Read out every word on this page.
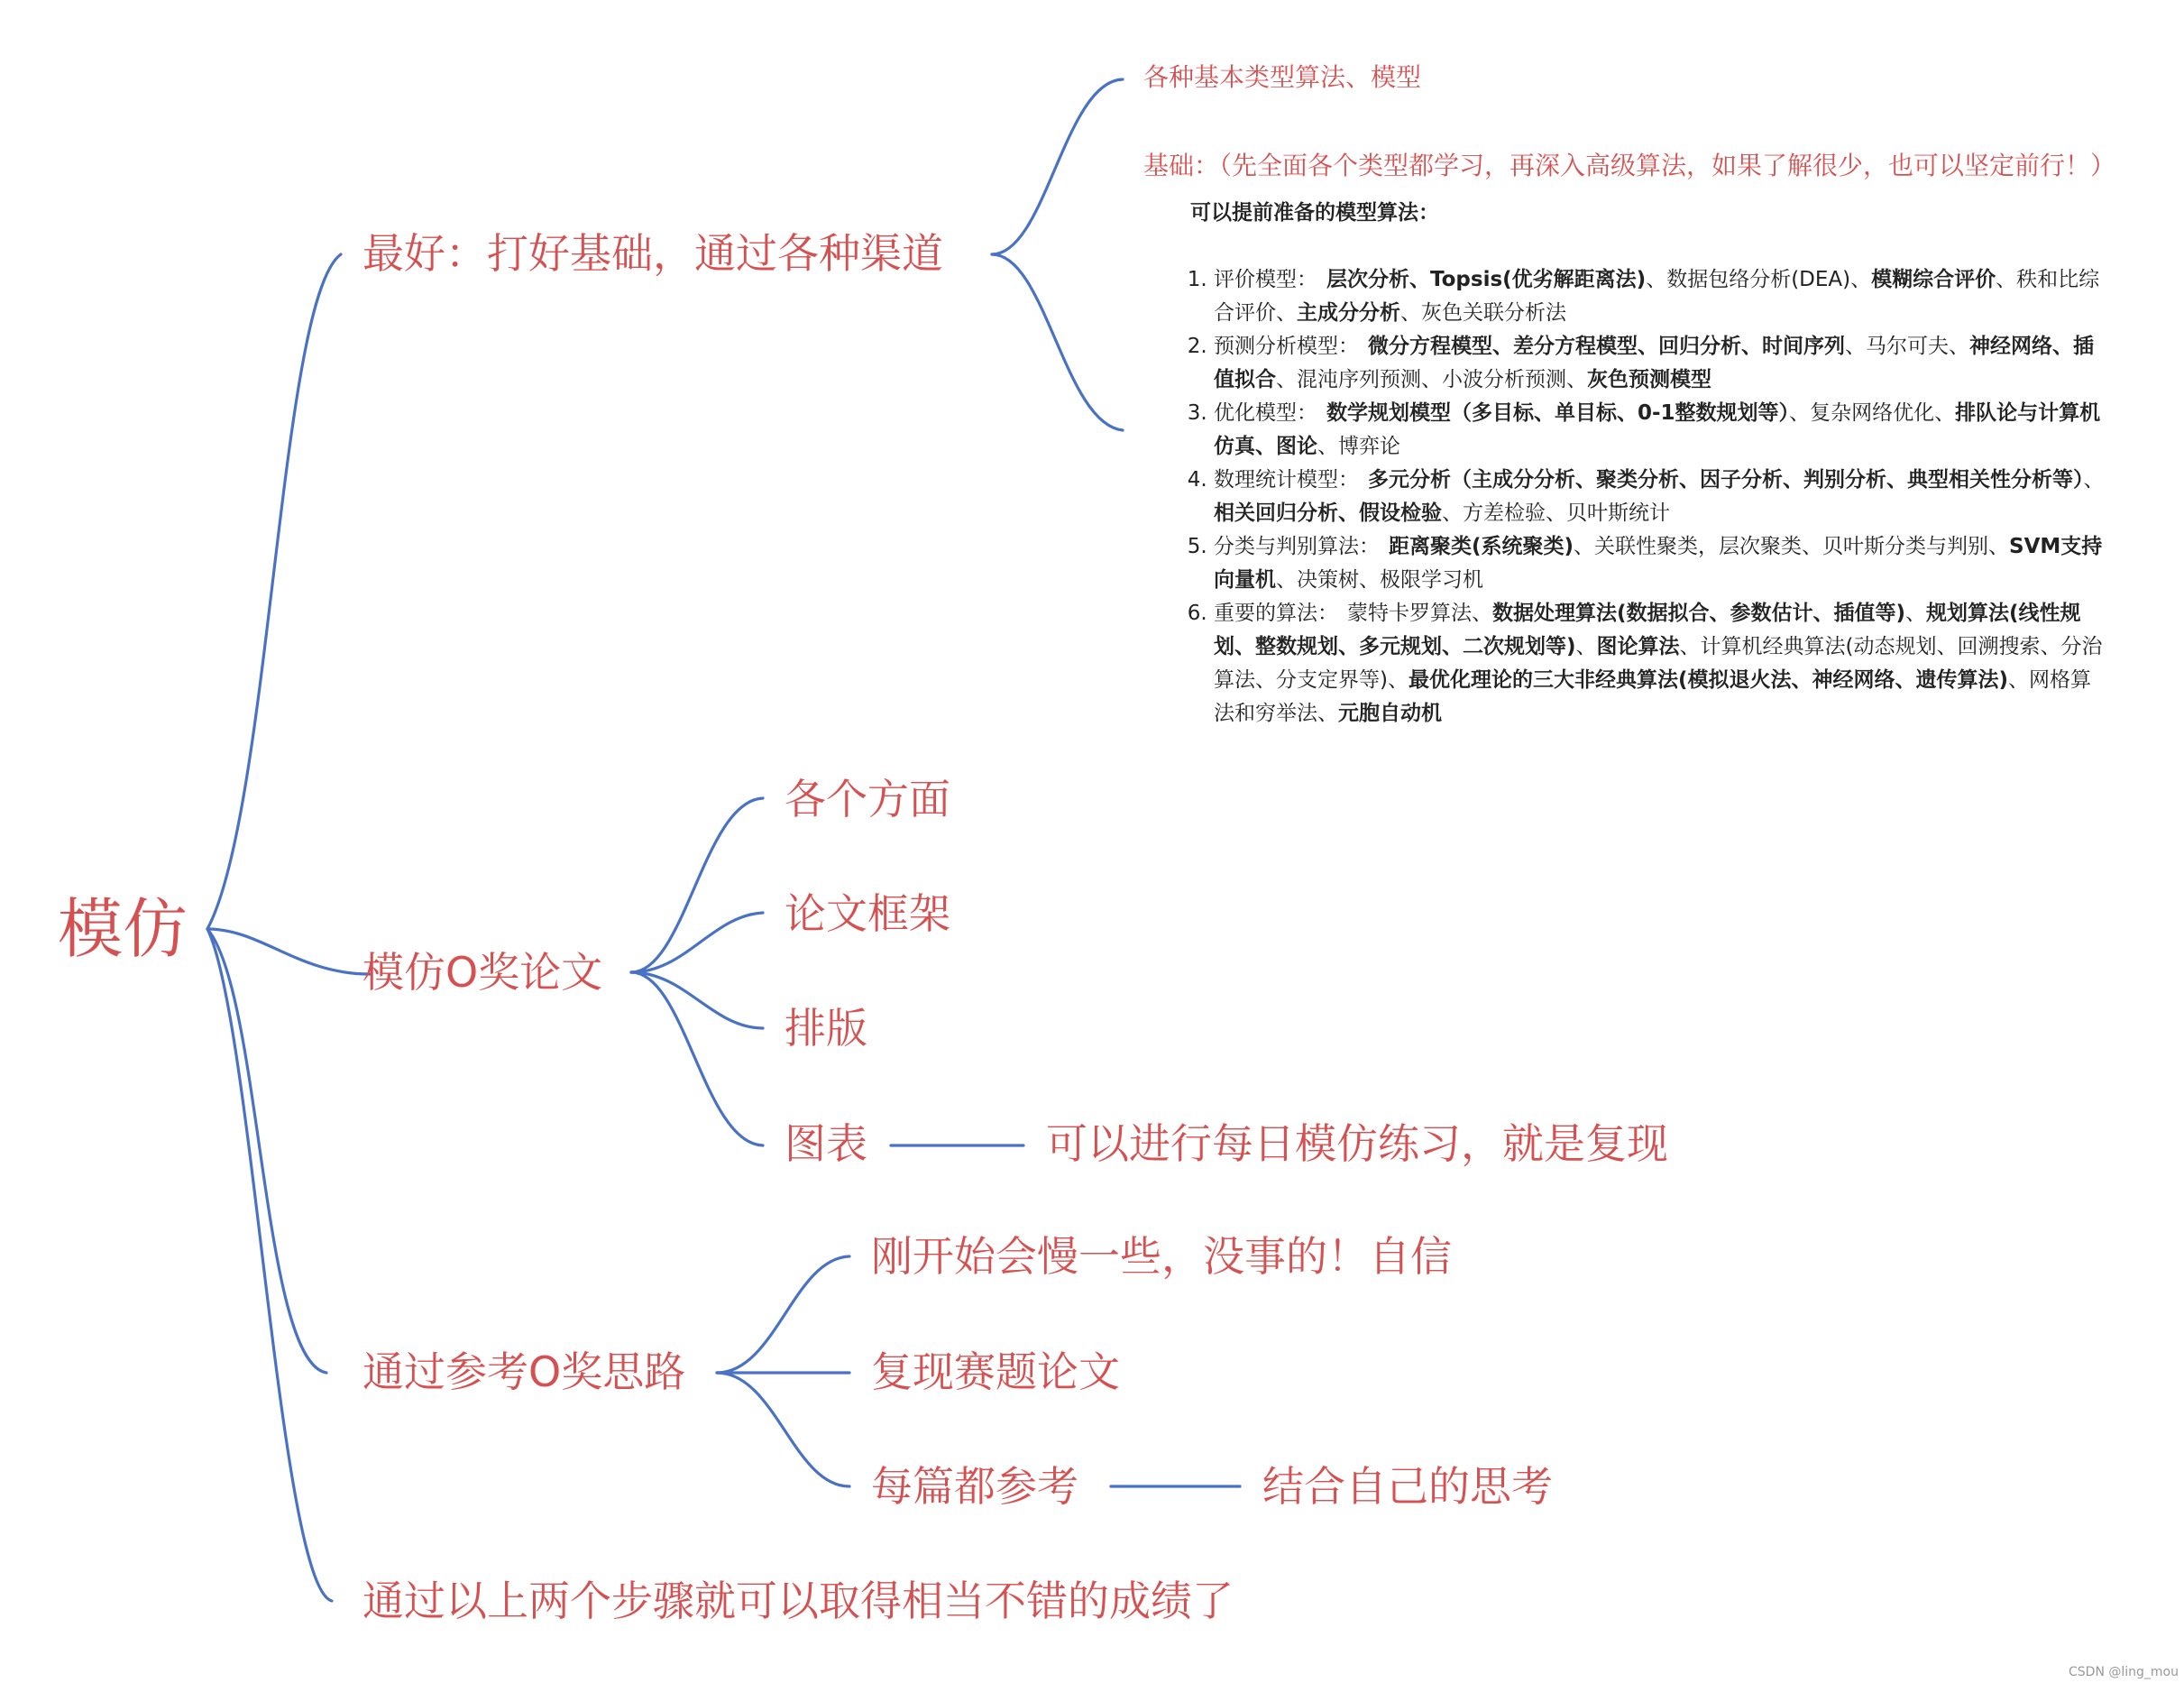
模仿
最好：打好基础，通过各种渠道
各种基本类型算法、模型
基础：（先全面各个类型都学习，再深入高级算法，如果了解很少，也可以坚定前行！）
可以提前准备的模型算法：
1. 评价模型： 层次分析、Topsis(优劣解距离法)、数据包络分析(DEA)、模糊综合评价、秩和比综合评价、主成分分析、灰色关联分析法
2. 预测分析模型： 微分方程模型、差分方程模型、回归分析、时间序列、马尔可夫、神经网络、插值拟合、混沌序列预测、小波分析预测、灰色预测模型
3. 优化模型： 数学规划模型（多目标、单目标、0-1整数规划等）、复杂网络优化、排队论与计算机仿真、图论、博弈论
4. 数理统计模型： 多元分析（主成分分析、聚类分析、因子分析、判别分析、典型相关性分析等）、相关回归分析、假设检验、方差检验、贝叶斯统计
5. 分类与判别算法： 距离聚类(系统聚类)、关联性聚类，层次聚类、贝叶斯分类与判别、SVM支持向量机、决策树、极限学习机
6. 重要的算法： 蒙特卡罗算法、数据处理算法(数据拟合、参数估计、插值等)、规划算法(线性规划、整数规划、多元规划、二次规划等)、图论算法、计算机经典算法(动态规划、回溯搜索、分治算法、分支定界等)、最优化理论的三大非经典算法(模拟退火法、神经网络、遗传算法)、网格算法和穷举法、元胞自动机
模仿O奖论文
各个方面
论文框架
排版
图表	可以进行每日模仿练习，就是复现
通过参考O奖思路
刚开始会慢一些，没事的！自信
复现赛题论文
每篇都参考	结合自己的思考
通过以上两个步骤就可以取得相当不错的成绩了
CSDN @ling_mou
